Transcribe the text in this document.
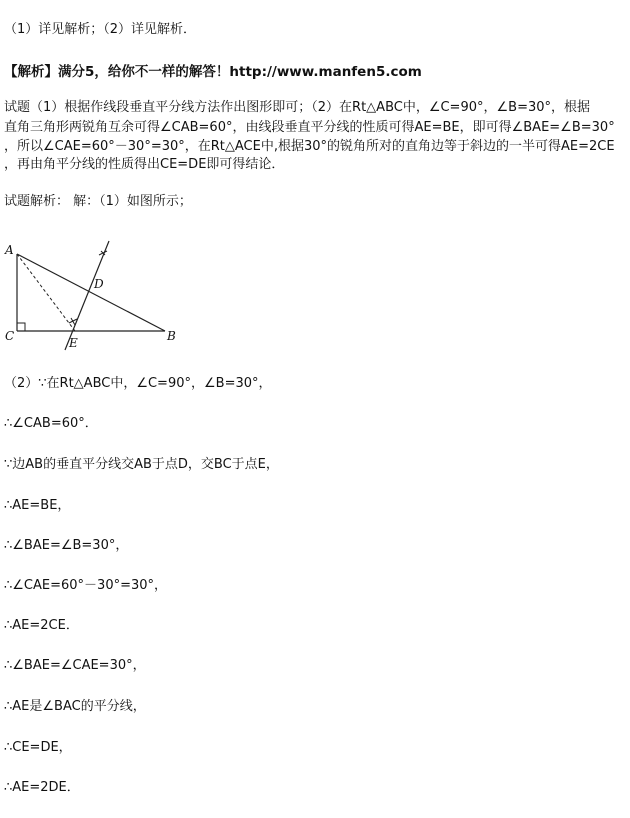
（1）详见解析；（2）详见解析．
【解析】满分5，给你不一样的解答！http://www.manfen5.com
试题（1）根据作线段垂直平分线方法作出图形即可；（2）在Rt△ABC中，∠C=90°，∠B=30°，根据
直角三角形两锐角互余可得∠CAB=60°，由线段垂直平分线的性质可得AE=BE，即可得∠BAE=∠B=30°
，所以∠CAE=60°－30°=30°，在Rt△ACE中,根据30°的锐角所对的直角边等于斜边的一半可得AE=2CE
，再由角平分线的性质得出CE=DE即可得结论．
试题解析： 解：（1）如图所示；
A
D
C	E	B
（2）∵在Rt△ABC中，∠C=90°，∠B=30°，
∴∠CAB=60°．
∵边AB的垂直平分线交AB于点D，交BC于点E，
∴AE=BE，
∴∠BAE=∠B=30°，
∴∠CAE=60°－30°=30°，
∴AE=2CE．
∴∠BAE=∠CAE=30°，
∴AE是∠BAC的平分线，
∴CE=DE，
∴AE=2DE．
